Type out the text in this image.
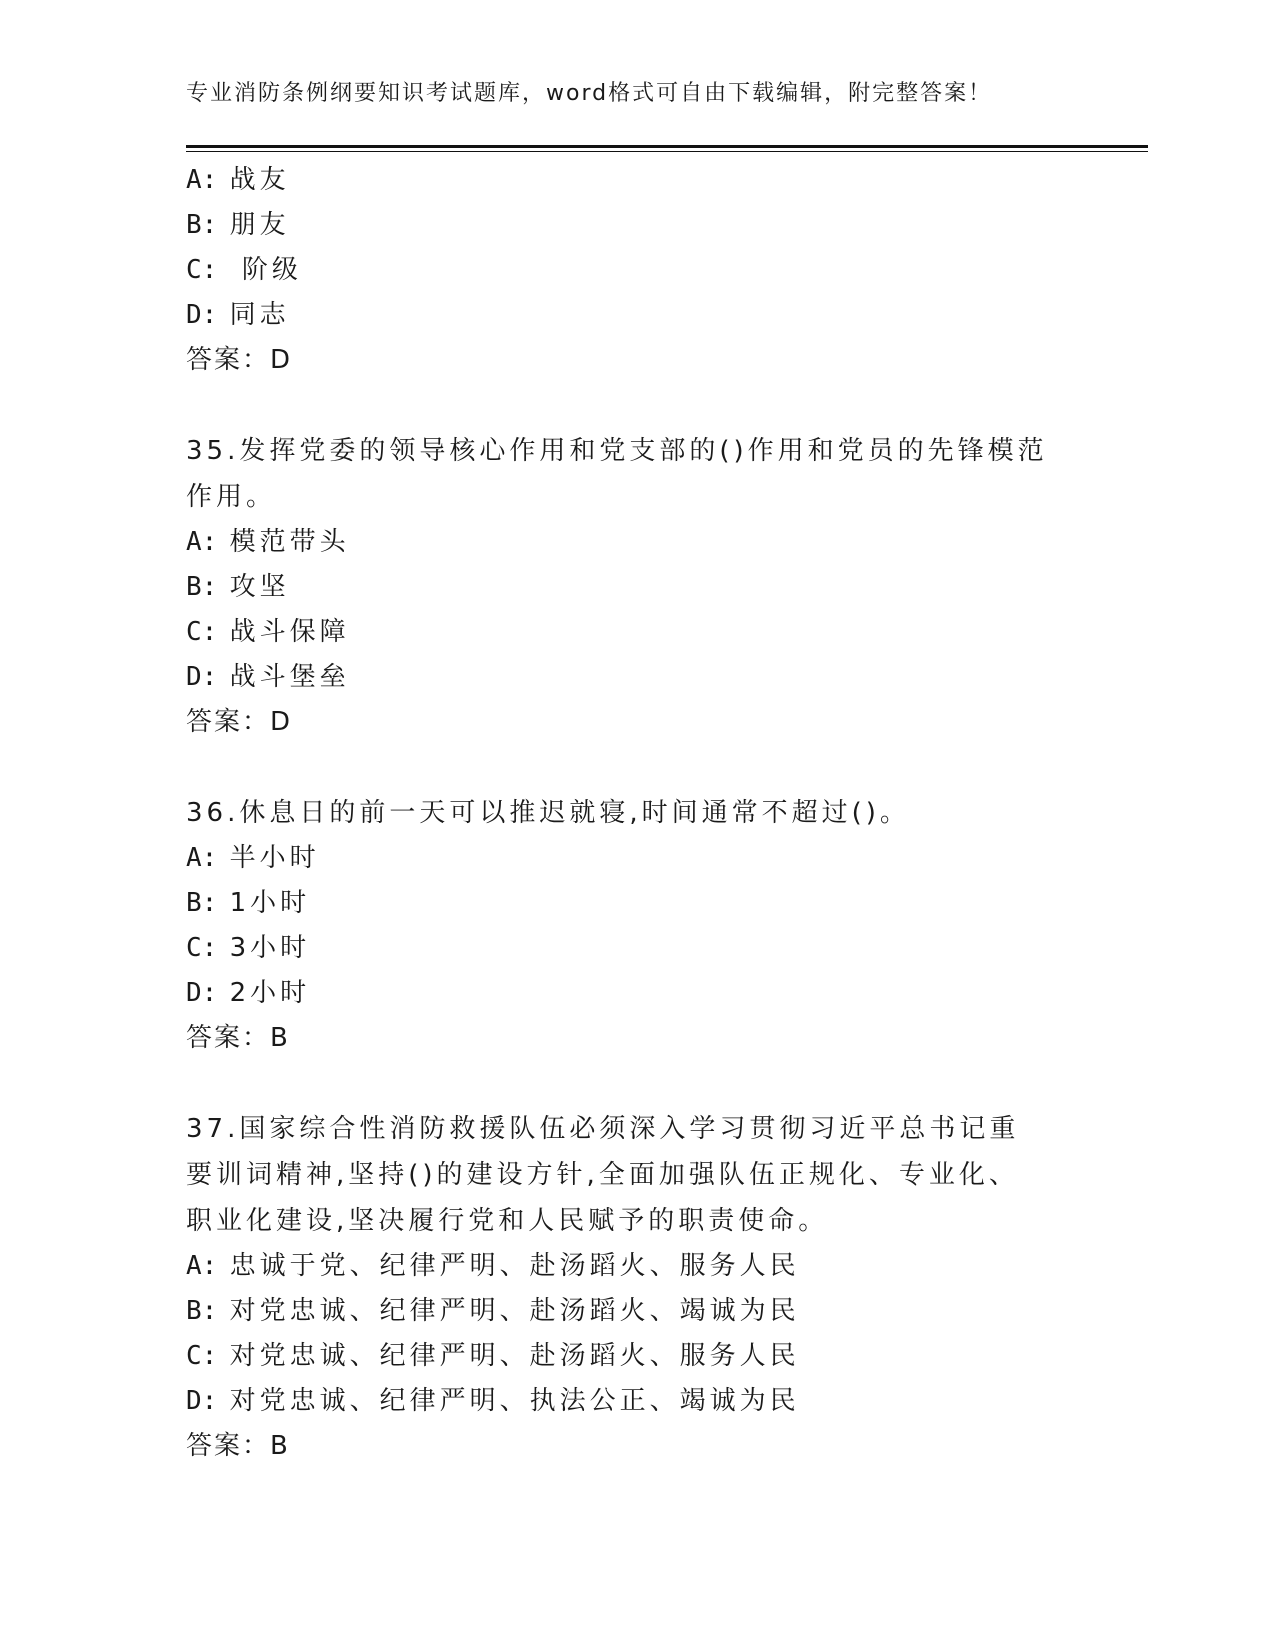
专业消防条例纲要知识考试题库，word格式可自由下载编辑，附完整答案！
A: 战友
B: 朋友
C:  阶级
D: 同志
答案：D
35.发挥党委的领导核心作用和党支部的()作用和党员的先锋模范作用。
A: 模范带头
B: 攻坚
C: 战斗保障
D: 战斗堡垒
答案：D
36.休息日的前一天可以推迟就寝,时间通常不超过()。
A: 半小时
B: 1小时
C: 3小时
D: 2小时
答案：B
37.国家综合性消防救援队伍必须深入学习贯彻习近平总书记重要训词精神,坚持()的建设方针,全面加强队伍正规化、专业化、职业化建设,坚决履行党和人民赋予的职责使命。
A: 忠诚于党、纪律严明、赴汤蹈火、服务人民
B: 对党忠诚、纪律严明、赴汤蹈火、竭诚为民
C: 对党忠诚、纪律严明、赴汤蹈火、服务人民
D: 对党忠诚、纪律严明、执法公正、竭诚为民
答案：B
